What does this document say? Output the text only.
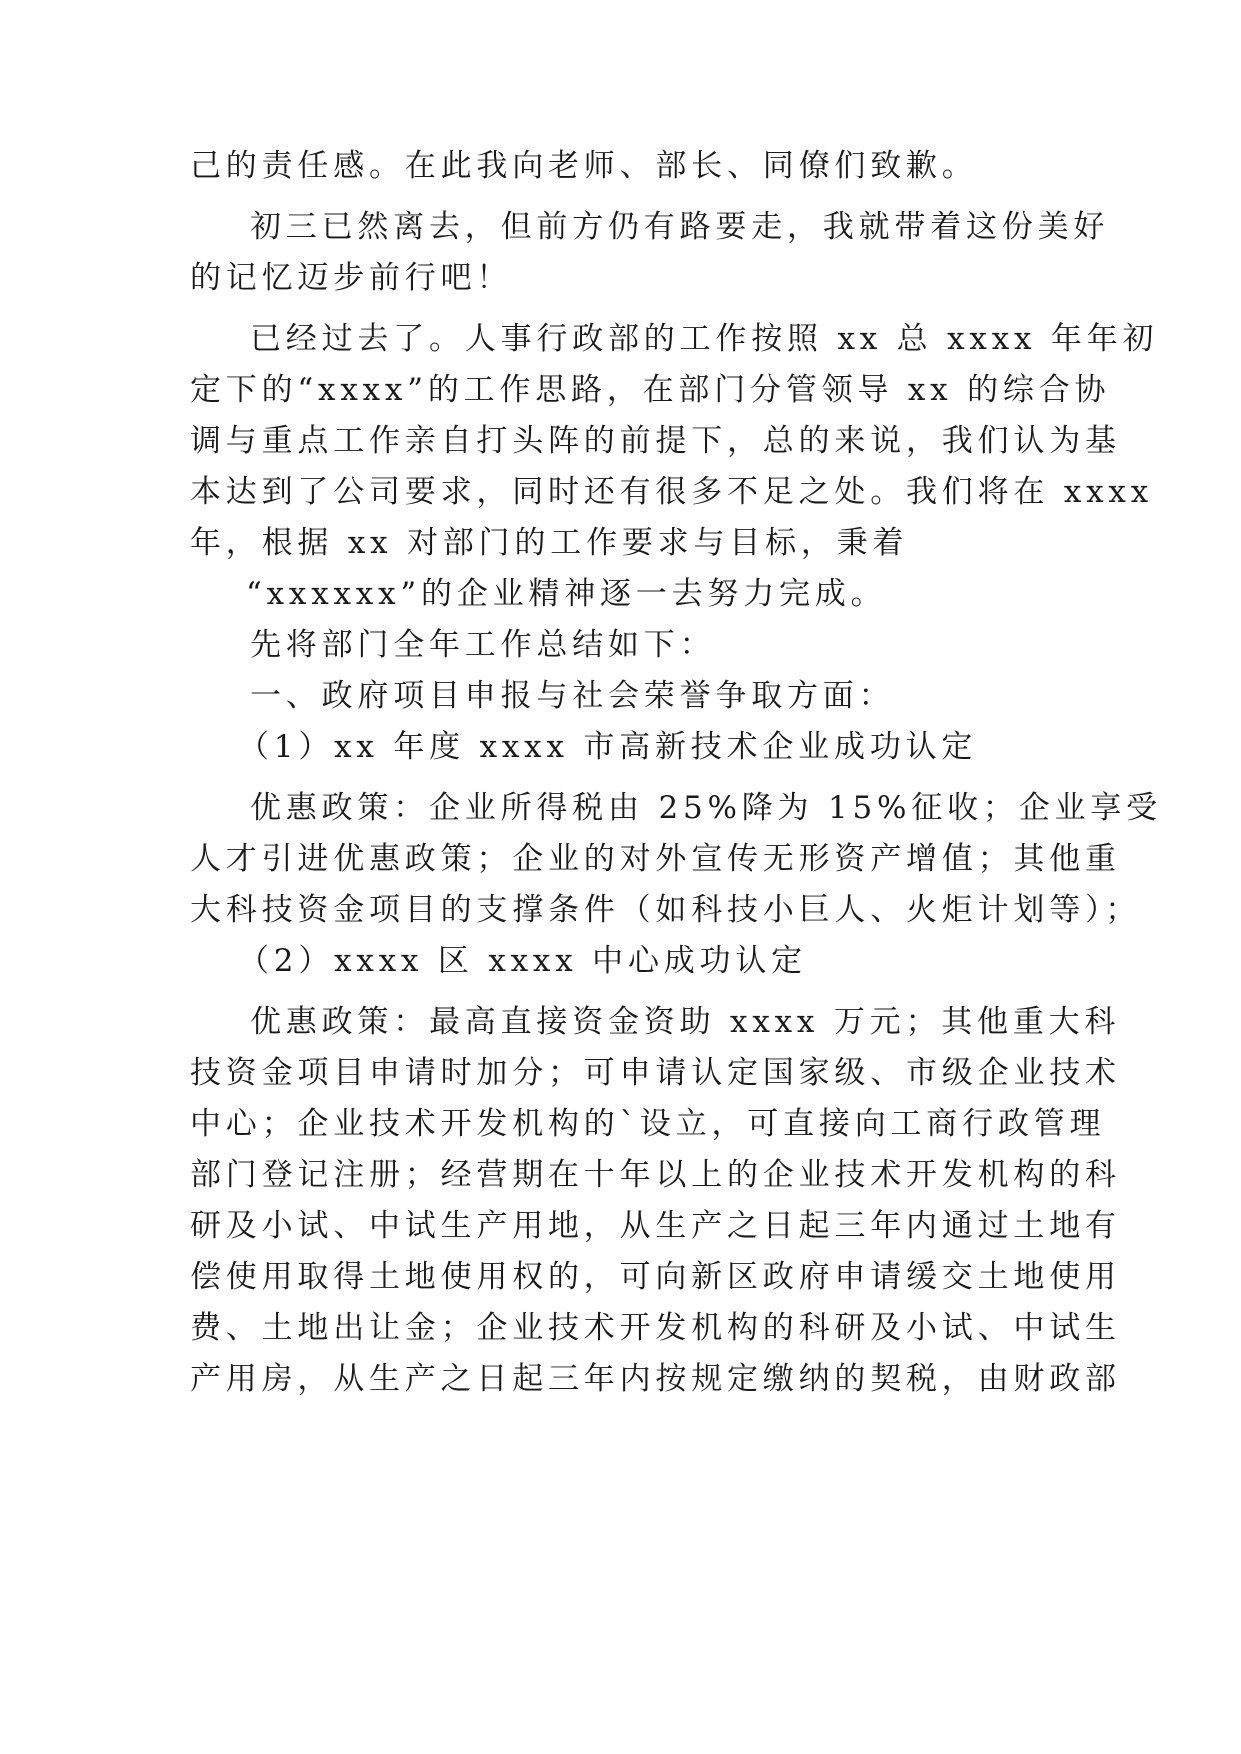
己的责任感。在此我向老师、部长、同僚们致歉。
初三已然离去，但前方仍有路要走，我就带着这份美好
的记忆迈步前行吧！
已经过去了。人事行政部的工作按照 xx 总 xxxx 年年初
定下的“xxxx”的工作思路，在部门分管领导 xx 的综合协
调与重点工作亲自打头阵的前提下，总的来说，我们认为基
本达到了公司要求，同时还有很多不足之处。我们将在 xxxx
年，根据 xx 对部门的工作要求与目标，秉着
“xxxxxx”的企业精神逐一去努力完成。
先将部门全年工作总结如下：
一、政府项目申报与社会荣誉争取方面：
（1）xx 年度 xxxx 市高新技术企业成功认定
优惠政策：企业所得税由 25%降为 15%征收；企业享受
人才引进优惠政策；企业的对外宣传无形资产增值；其他重
大科技资金项目的支撑条件（如科技小巨人、火炬计划等）；
（2）xxxx 区 xxxx 中心成功认定
优惠政策：最高直接资金资助 xxxx 万元；其他重大科
技资金项目申请时加分；可申请认定国家级、市级企业技术
中心；企业技术开发机构的`设立，可直接向工商行政管理
部门登记注册；经营期在十年以上的企业技术开发机构的科
研及小试、中试生产用地，从生产之日起三年内通过土地有
偿使用取得土地使用权的，可向新区政府申请缓交土地使用
费、土地出让金；企业技术开发机构的科研及小试、中试生
产用房，从生产之日起三年内按规定缴纳的契税，由财政部
